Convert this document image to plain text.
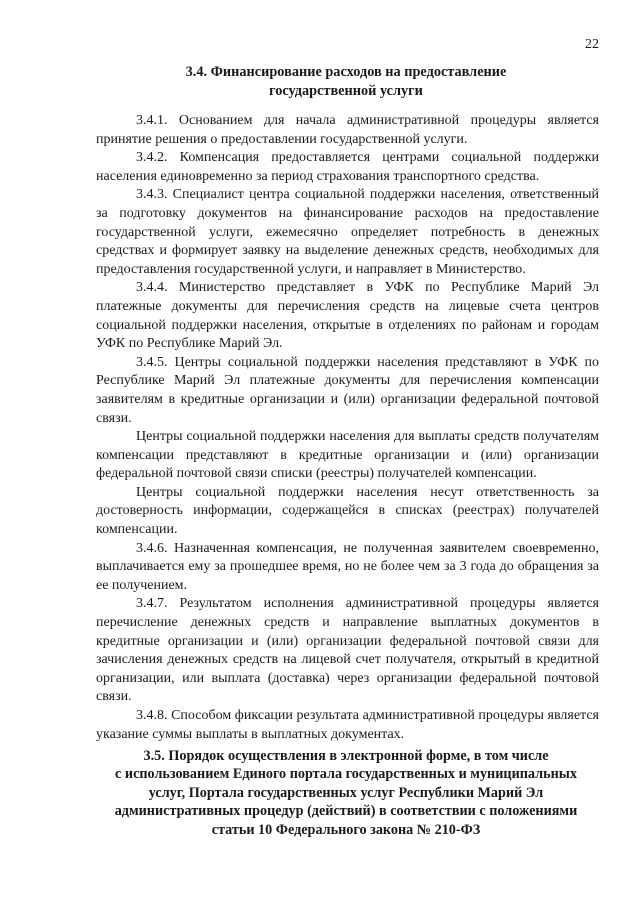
22
3.4. Финансирование расходов на предоставление
государственной услуги

3.4.1. Основанием для начала административной процедуры является принятие решения о предоставлении государственной услуги.

3.4.2. Компенсация предоставляется центрами социальной поддержки населения единовременно за период страхования транспортного средства.

3.4.3. Специалист центра социальной поддержки населения, ответственный за подготовку документов на финансирование расходов на предоставление государственной услуги, ежемесячно определяет потребность в денежных средствах и формирует заявку на выделение денежных средств, необходимых для предоставления государственной услуги, и направляет в Министерство.

3.4.4. Министерство представляет в УФК по Республике Марий Эл платежные документы для перечисления средств на лицевые счета центров социальной поддержки населения, открытые в отделениях по районам и городам УФК по Республике Марий Эл.

3.4.5. Центры социальной поддержки населения представляют в УФК по Республике Марий Эл платежные документы для перечисления компенсации заявителям в кредитные организации и (или) организации федеральной почтовой связи.

Центры социальной поддержки населения для выплаты средств получателям компенсации представляют в кредитные организации и (или) организации федеральной почтовой связи списки (реестры) получателей компенсации.

Центры социальной поддержки населения несут ответственность за достоверность информации, содержащейся в списках (реестрах) получателей компенсации.

3.4.6. Назначенная компенсация, не полученная заявителем своевременно, выплачивается ему за прошедшее время, но не более чем за 3 года до обращения за ее получением.

3.4.7. Результатом исполнения административной процедуры является перечисление денежных средств и направление выплатных документов в кредитные организации и (или) организации федеральной почтовой связи для зачисления денежных средств на лицевой счет получателя, открытый в кредитной организации, или выплата (доставка) через организации федеральной почтовой связи.

3.4.8. Способом фиксации результата административной процедуры является указание суммы выплаты в выплатных документах.

3.5. Порядок осуществления в электронной форме, в том числе
с использованием Единого портала государственных и муниципальных
услуг, Портала государственных услуг Республики Марий Эл
административных процедур (действий) в соответствии с положениями
статьи 10 Федерального закона № 210-ФЗ
